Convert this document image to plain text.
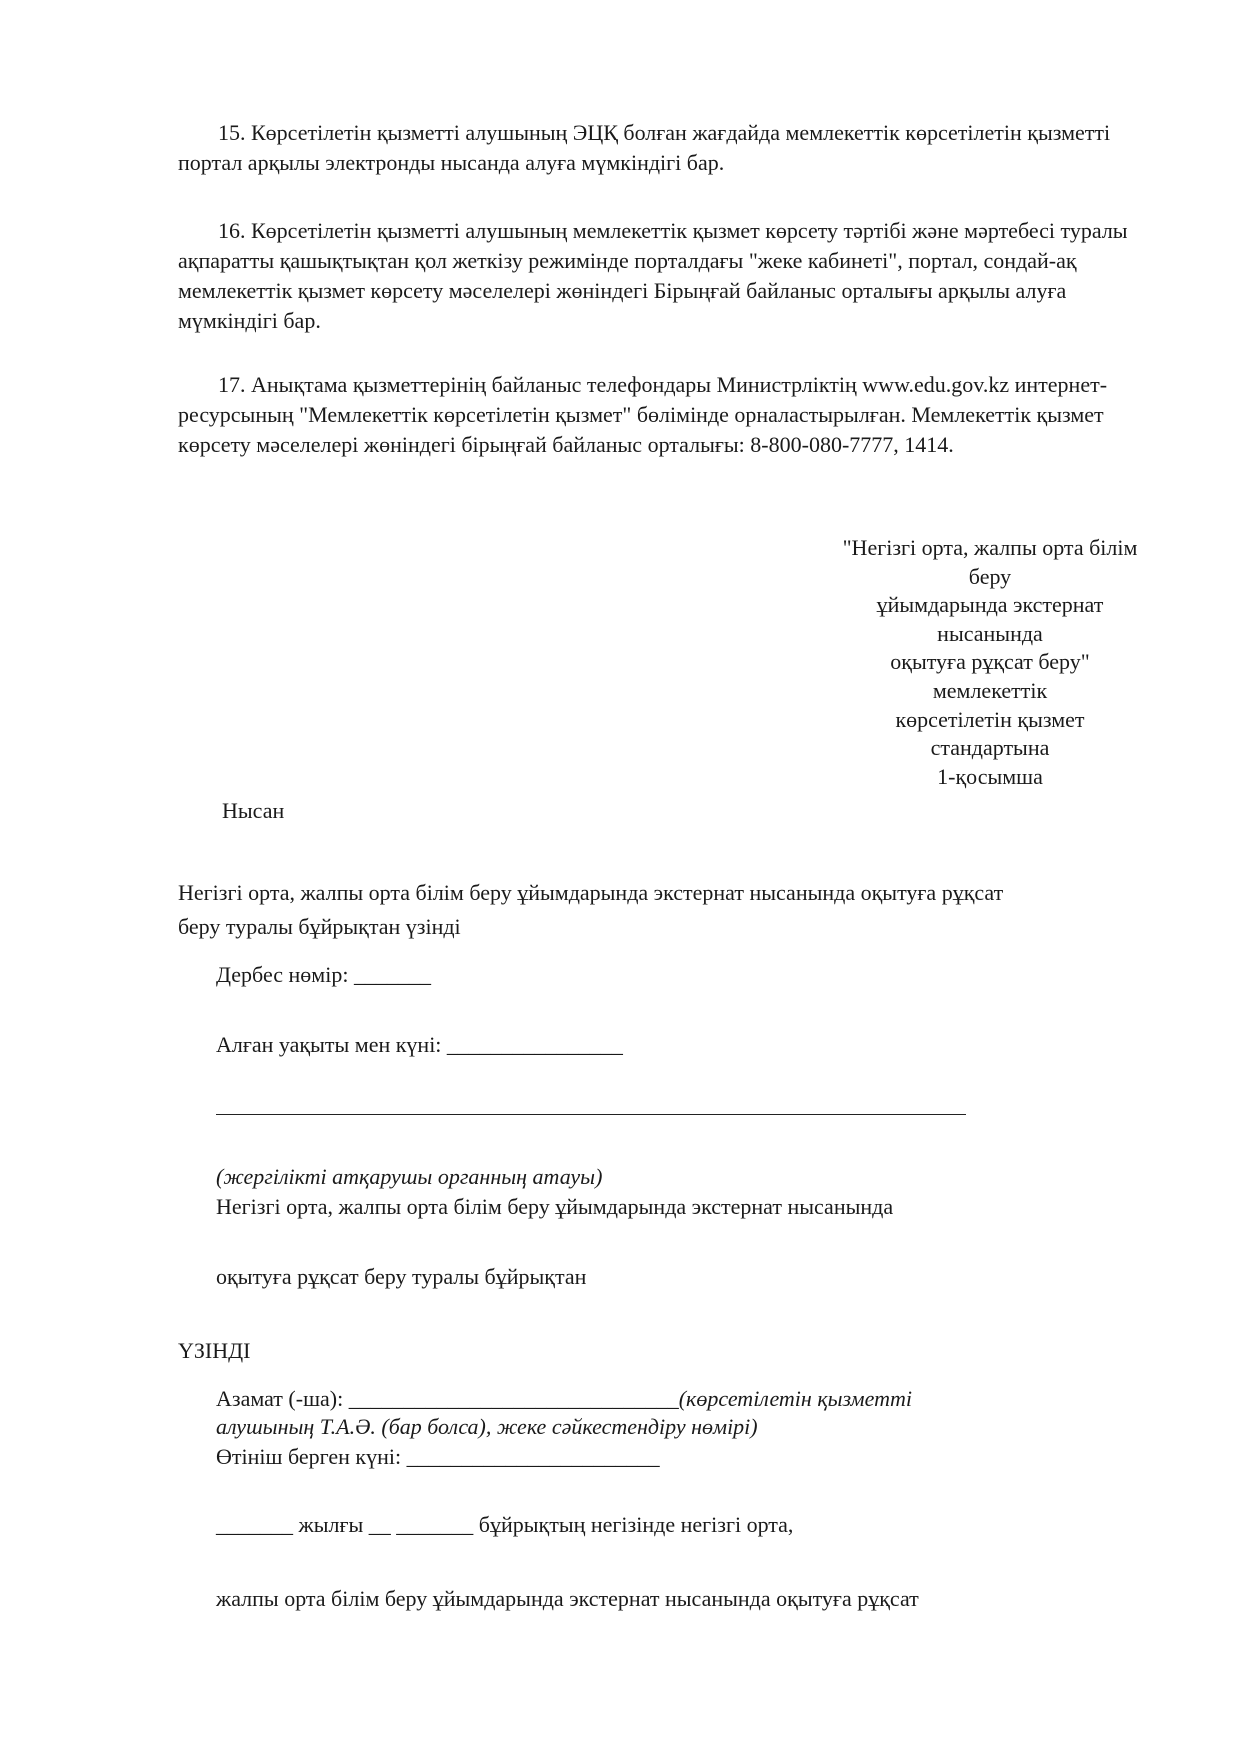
15. Көрсетілетін қызметті алушының ЭЦҚ болған жағдайда мемлекеттік көрсетілетін қызметті портал арқылы электронды нысанда алуға мүмкіндігі бар.

16. Көрсетілетін қызметті алушының мемлекеттік қызмет көрсету тәртібі және мәртебесі туралы ақпаратты қашықтықтан қол жеткізу режимінде порталдағы "жеке кабинеті", портал, сондай-ақ мемлекеттік қызмет көрсету мәселелері жөніндегі Бірыңғай байланыс орталығы арқылы алуға мүмкіндігі бар.

17. Анықтама қызметтерінің байланыс телефондары Министрліктің www.edu.gov.kz интернет-ресурсының "Мемлекеттік көрсетілетін қызмет" бөлімінде орналастырылған. Мемлекеттік қызмет көрсету мәселелері жөніндегі бірыңғай байланыс орталығы: 8-800-080-7777, 1414.

"Негізгі орта, жалпы орта білім
беру
ұйымдарында экстернат
нысанында
оқытуға рұқсат беру"
мемлекеттік
көрсетілетін қызмет
стандартына
1-қосымша
Нысан
Негізгі орта, жалпы орта білім беру ұйымдарында экстернат нысанында оқытуға рұқсат
беру туралы бұйрықтан үзінді
Дербес нөмір: _______
Алған уақыты мен күні: ________________
(жергілікті атқарушы органның атауы)
Негізгі орта, жалпы орта білім беру ұйымдарында экстернат нысанында
оқытуға рұқсат беру туралы бұйрықтан
ҮЗІНДІ
Азамат (-ша): ______________________________(көрсетілетін қызметті
алушының Т.А.Ә. (бар болса), жеке сәйкестендіру нөмірі)
Өтініш берген күні: _______________________
_______ жылғы __ _______ бұйрықтың негізінде негізгі орта,
жалпы орта білім беру ұйымдарында экстернат нысанында оқытуға рұқсат
